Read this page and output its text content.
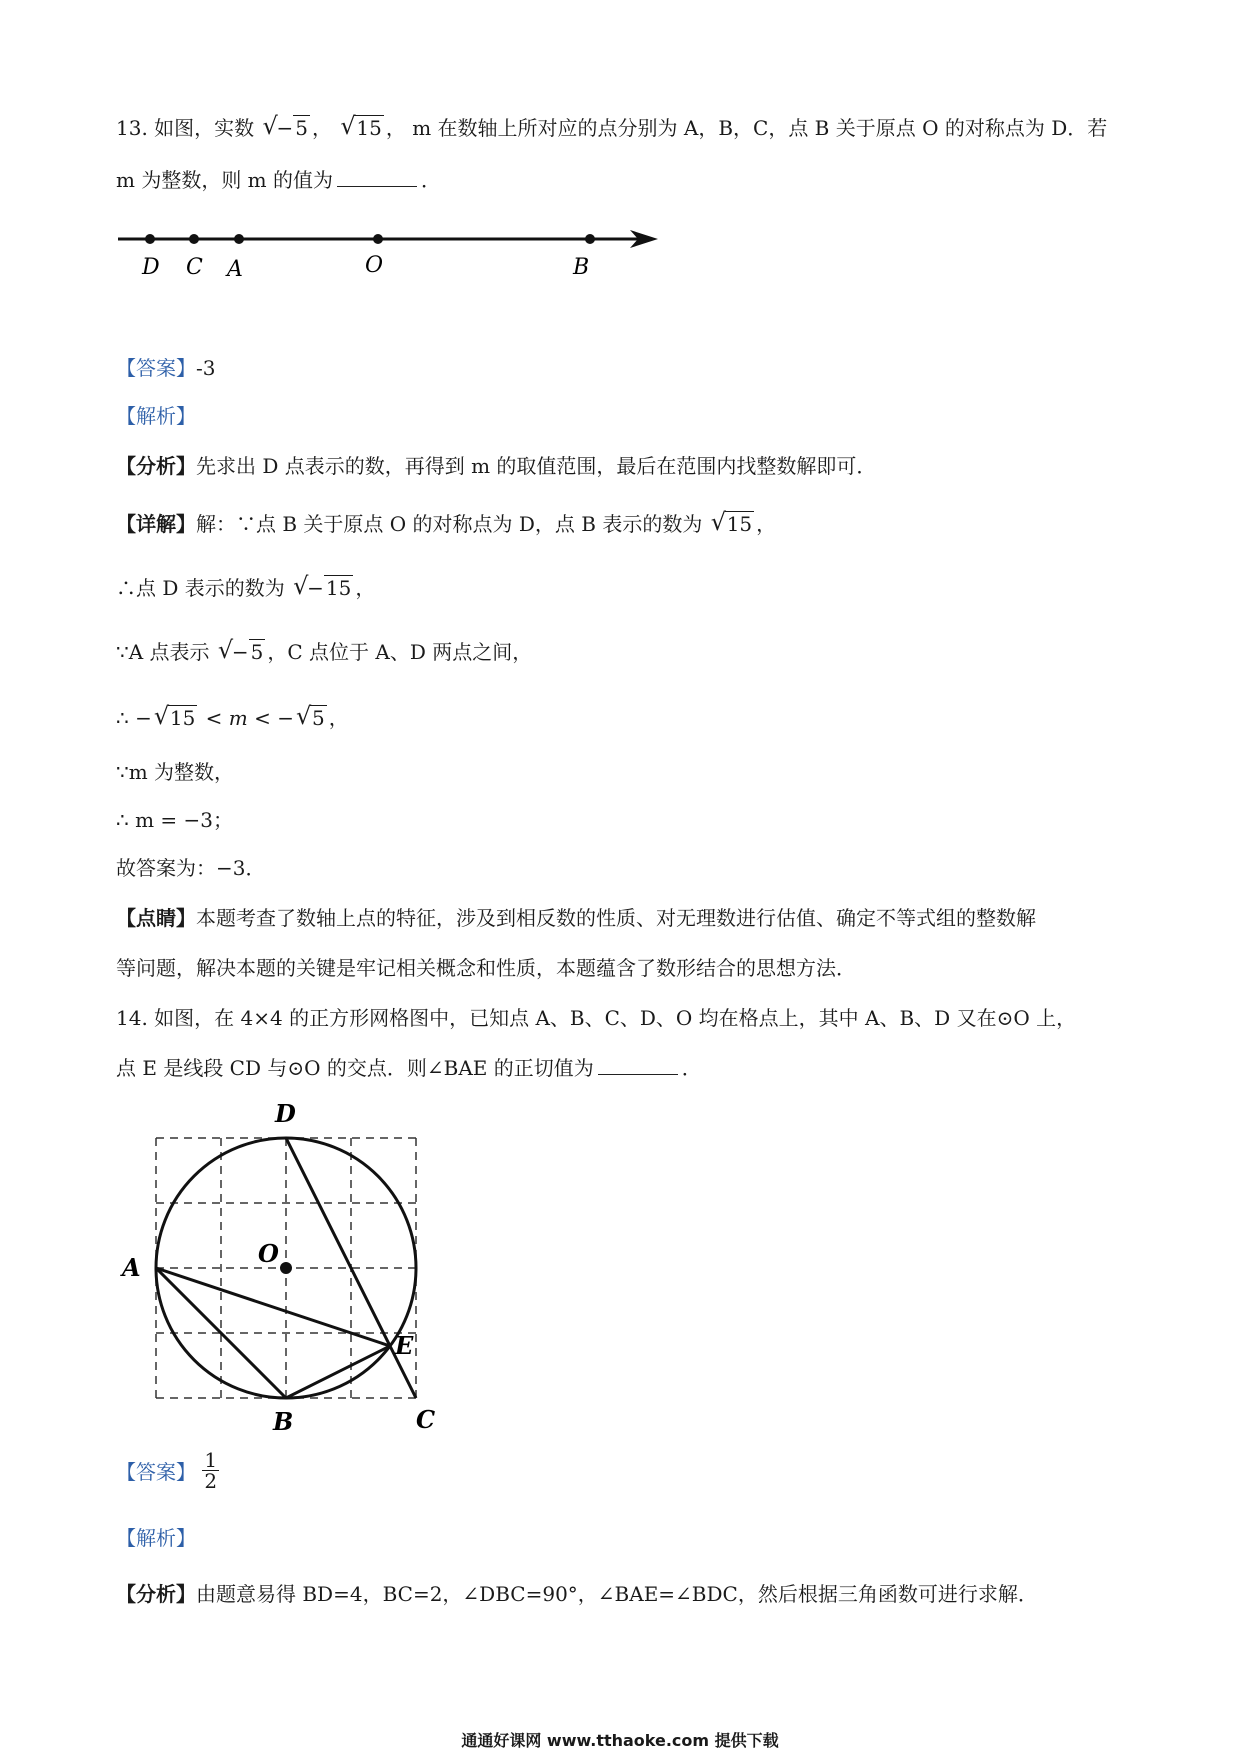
13. 如图，实数 −
√ 5 ， √ 15 ， m 在数轴上所对应的点分别为 A，B，C，点 B 关于原点 O 的对称点为 D．若
m 为整数，则 m 的值为	．
D C A	O	B
【答案】-3
【解析】
【分析】先求出 D 点表示的数，再得到 m 的取值范围，最后在范围内找整数解即可．
【详解】解：∵点 B 关于原点 O 的对称点为 D，点 B 表示的数为 √ 15 ，
∴点 D 表示的数为 −
√ 15 ，
∵A 点表示 −
√ 5 ，C 点位于 A、D 两点之间，
∴ − √ 15 < m < − √ 5 ，
∵m 为整数，
∴ m = −3；
故答案为：−3．
【点睛】本题考查了数轴上点的特征，涉及到相反数的性质、对无理数进行估值、确定不等式组的整数解
等问题，解决本题的关键是牢记相关概念和性质，本题蕴含了数形结合的思想方法．
14. 如图，在 4×4 的正方形网格图中，已知点 A、B、C、D、O 均在格点上，其中 A、B、D 又在⊙O 上，
点 E 是线段 CD 与⊙O 的交点．则∠BAE 的正切值为	．
D
O
A
E
B	C
【答案】 $\frac{1}{2}$
【解析】
【分析】由题意易得 BD=4，BC=2，∠DBC=90°，∠BAE=∠BDC，然后根据三角函数可进行求解．
通通好课网 www.tthaoke.com 提供下载
